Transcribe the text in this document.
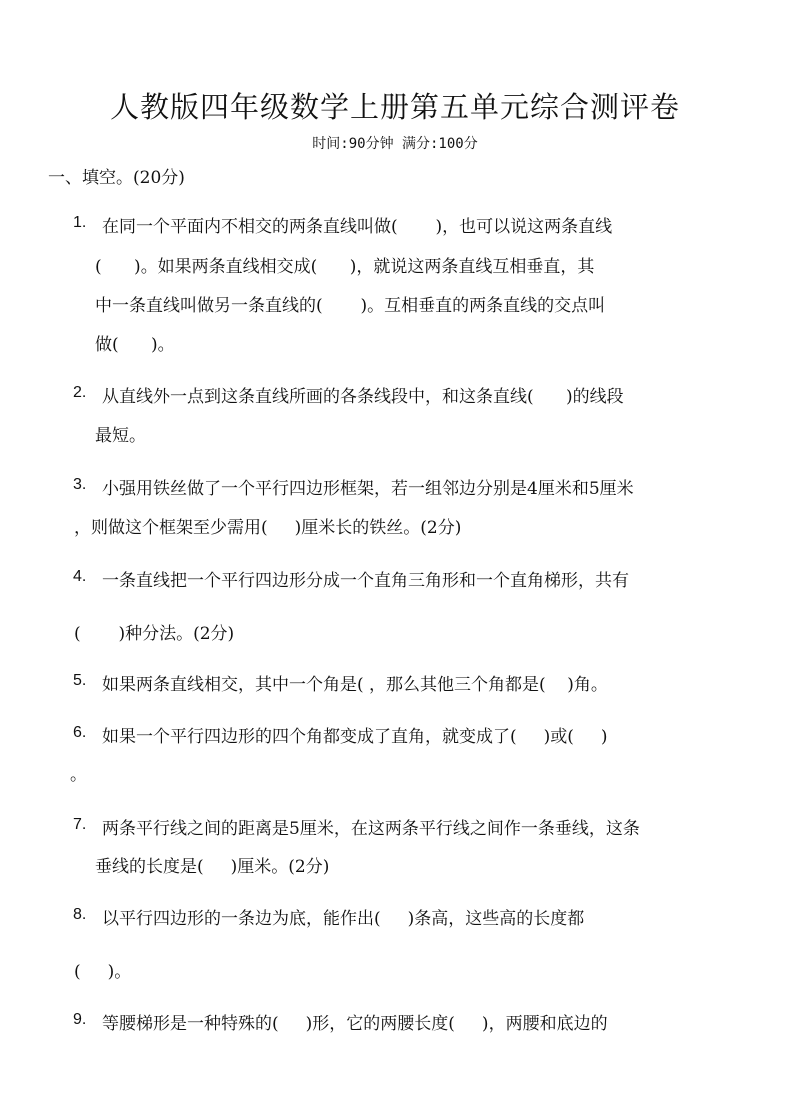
人教版四年级数学上册第五单元综合测评卷
时间:90分钟 满分:100分
一、填空。(20分)
1. 在同一个平面内不相交的两条直线叫做(       )，也可以说这两条直线
(      )。如果两条直线相交成(      )，就说这两条直线互相垂直，其
中一条直线叫做另一条直线的(       )。互相垂直的两条直线的交点叫
做(      )。
2. 从直线外一点到这条直线所画的各条线段中，和这条直线(      )的线段
最短。
3. 小强用铁丝做了一个平行四边形框架，若一组邻边分别是4厘米和5厘米
，则做这个框架至少需用(     )厘米长的铁丝。(2分)
4. 一条直线把一个平行四边形分成一个直角三角形和一个直角梯形，共有
(       )种分法。(2分)
5. 如果两条直线相交，其中一个角是( ，那么其他三个角都是(    )角。
6. 如果一个平行四边形的四个角都变成了直角，就变成了(     )或(     )
。
7. 两条平行线之间的距离是5厘米，在这两条平行线之间作一条垂线，这条
垂线的长度是(     )厘米。(2分)
8. 以平行四边形的一条边为底，能作出(     )条高，这些高的长度都
(     )。
9. 等腰梯形是一种特殊的(     )形，它的两腰长度(     )，两腰和底边的
